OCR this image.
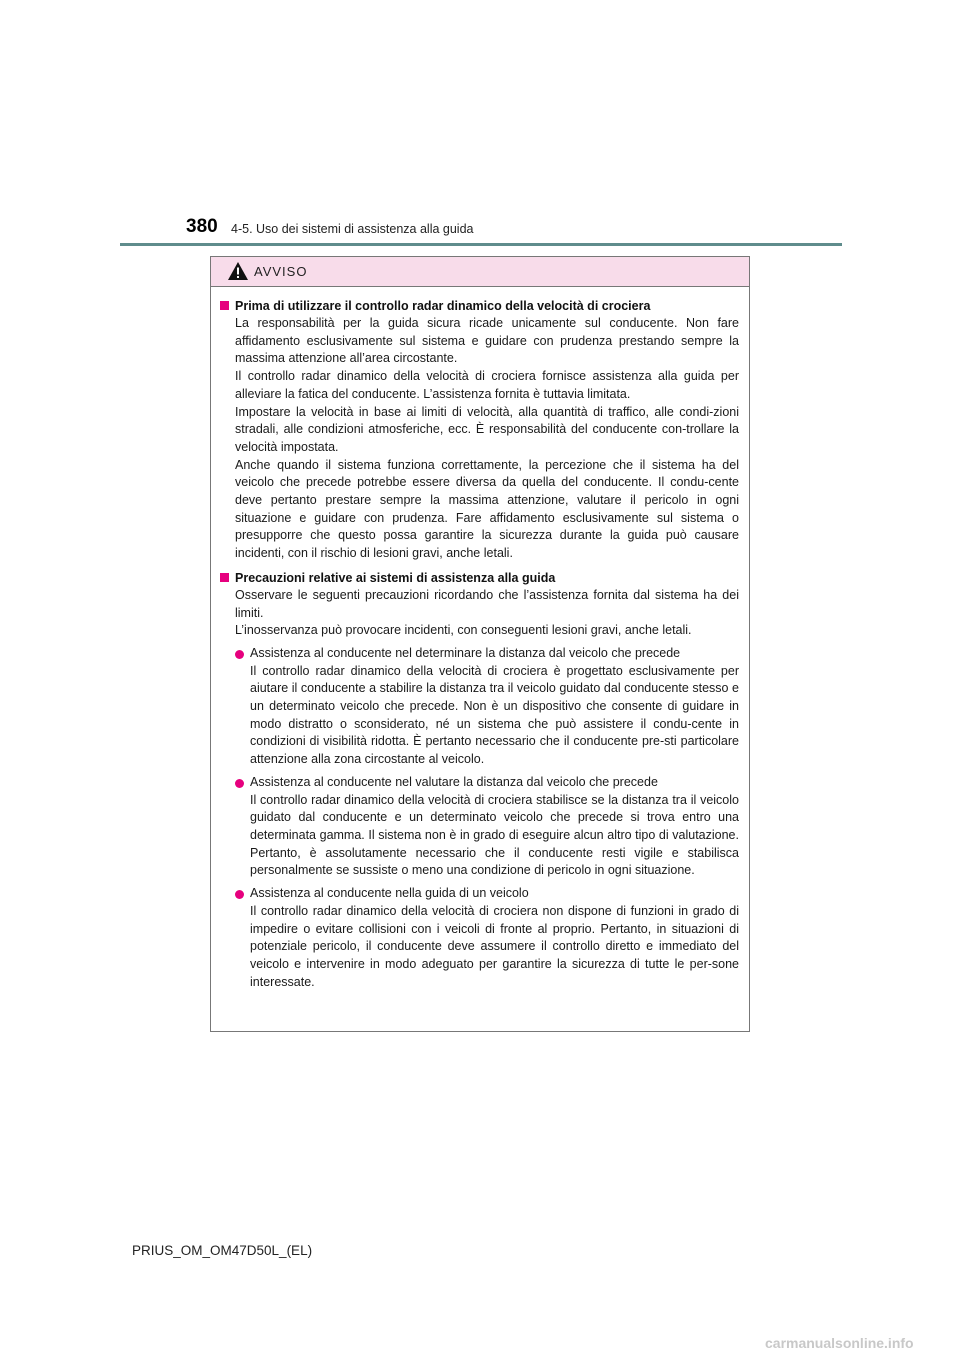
380 4-5. Uso dei sistemi di assistenza alla guida
AVVISO
Prima di utilizzare il controllo radar dinamico della velocità di crociera

La responsabilità per la guida sicura ricade unicamente sul conducente. Non fare affidamento esclusivamente sul sistema e guidare con prudenza prestando sempre la massima attenzione all’area circostante.

Il controllo radar dinamico della velocità di crociera fornisce assistenza alla guida per alleviare la fatica del conducente. L’assistenza fornita è tuttavia limitata.

Impostare la velocità in base ai limiti di velocità, alla quantità di traffico, alle condi-zioni stradali, alle condizioni atmosferiche, ecc. È responsabilità del conducente con-trollare la velocità impostata.

Anche quando il sistema funziona correttamente, la percezione che il sistema ha del veicolo che precede potrebbe essere diversa da quella del conducente. Il condu-cente deve pertanto prestare sempre la massima attenzione, valutare il pericolo in ogni situazione e guidare con prudenza. Fare affidamento esclusivamente sul sistema o presupporre che questo possa garantire la sicurezza durante la guida può causare incidenti, con il rischio di lesioni gravi, anche letali.

Precauzioni relative ai sistemi di assistenza alla guida

Osservare le seguenti precauzioni ricordando che l’assistenza fornita dal sistema ha dei limiti.

L’inosservanza può provocare incidenti, con conseguenti lesioni gravi, anche letali.

Assistenza al conducente nel determinare la distanza dal veicolo che precede

Il controllo radar dinamico della velocità di crociera è progettato esclusivamente per aiutare il conducente a stabilire la distanza tra il veicolo guidato dal conducente stesso e un determinato veicolo che precede. Non è un dispositivo che consente di guidare in modo distratto o sconsiderato, né un sistema che può assistere il condu-cente in condizioni di visibilità ridotta. È pertanto necessario che il conducente pre-sti particolare attenzione alla zona circostante al veicolo.

Assistenza al conducente nel valutare la distanza dal veicolo che precede

Il controllo radar dinamico della velocità di crociera stabilisce se la distanza tra il veicolo guidato dal conducente e un determinato veicolo che precede si trova entro una determinata gamma. Il sistema non è in grado di eseguire alcun altro tipo di valutazione. Pertanto, è assolutamente necessario che il conducente resti vigile e stabilisca personalmente se sussiste o meno una condizione di pericolo in ogni situazione.

Assistenza al conducente nella guida di un veicolo

Il controllo radar dinamico della velocità di crociera non dispone di funzioni in grado di impedire o evitare collisioni con i veicoli di fronte al proprio. Pertanto, in situazioni di potenziale pericolo, il conducente deve assumere il controllo diretto e immediato del veicolo e intervenire in modo adeguato per garantire la sicurezza di tutte le per-sone interessate.

PRIUS_OM_OM47D50L_(EL)
carmanualsonline.info
